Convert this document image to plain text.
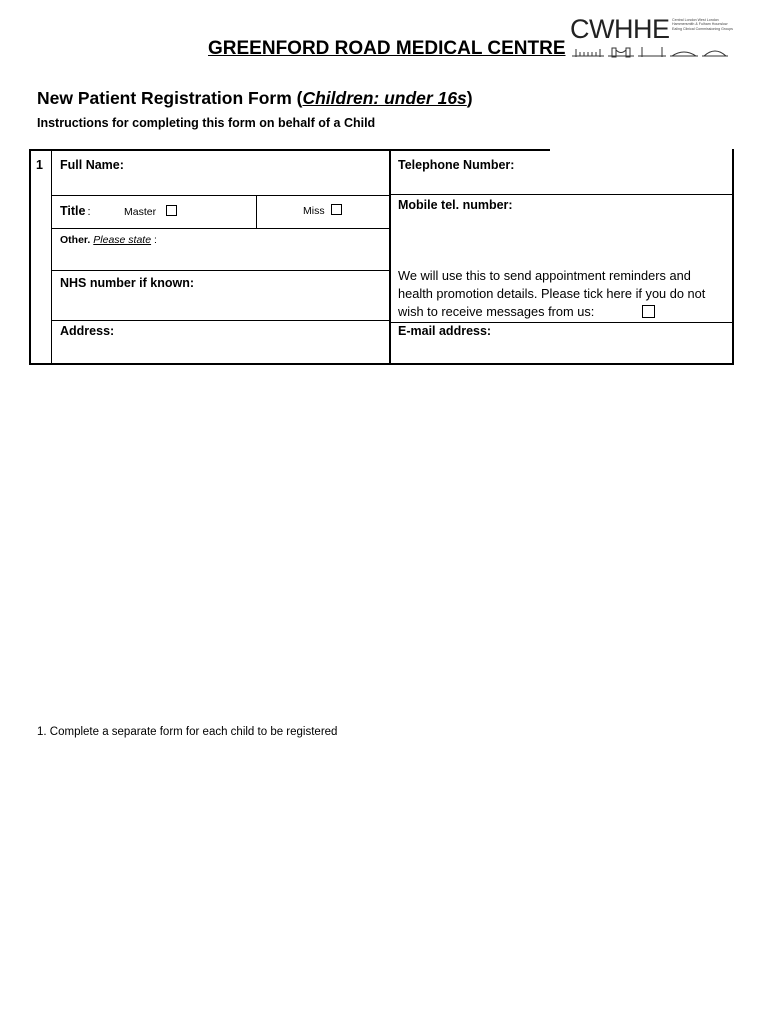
GREENFORD ROAD MEDICAL CENTRE
CWHHE Central London West London Hammersmith & Fulham Hounslow Ealing Clinical Commissioning Groups
New Patient Registration Form (Children: under 16s)
Instructions for completing this form on behalf of a Child
1 Full Name:	Telephone Number:
Title :	Master	Miss	Mobile tel. number:
Other. Please state :
NHS number if known:	We will use this to send appointment reminders and health promotion details. Please tick here if you do not wish to receive messages from us:
Address:	E-mail address:
1. Complete a separate form for each child to be registered
